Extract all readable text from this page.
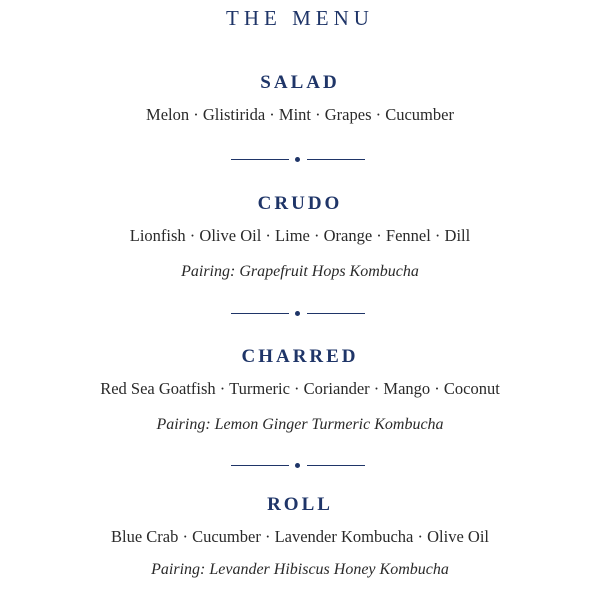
THE MENU
SALAD
Melon · Glistirida · Mint · Grapes · Cucumber
CRUDO
Lionfish · Olive Oil · Lime · Orange · Fennel · Dill
Pairing: Grapefruit Hops Kombucha
CHARRED
Red Sea Goatfish · Turmeric · Coriander · Mango · Coconut
Pairing: Lemon Ginger Turmeric Kombucha
ROLL
Blue Crab · Cucumber · Lavender Kombucha · Olive Oil
Pairing: Levander Hibiscus Honey Kombucha
